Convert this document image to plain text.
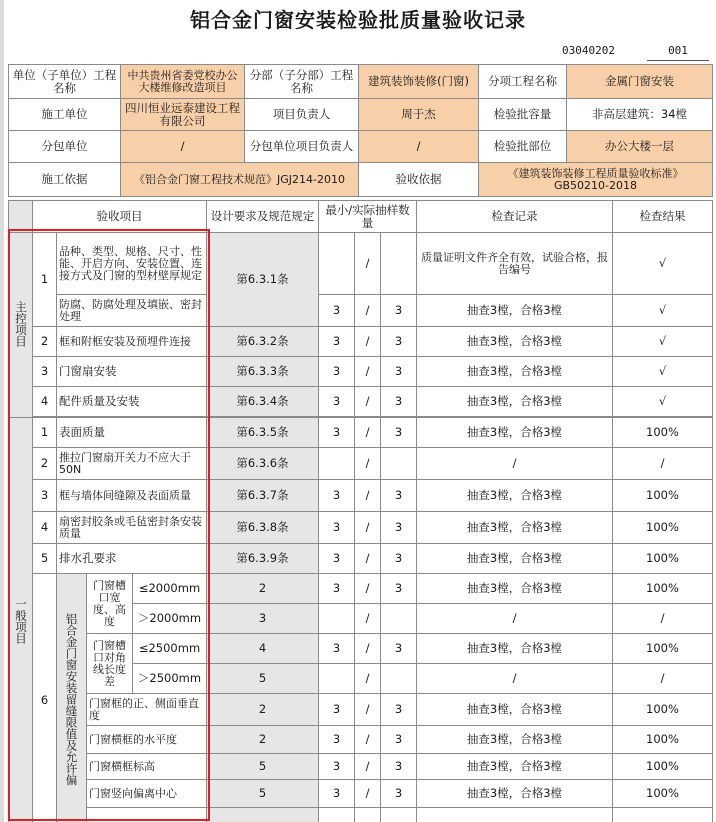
铝合金门窗安装检验批质量验收记录
03040202	001
单位（子单位）工程名称	中共贵州省委党校办公大楼维修改造项目	分部（子分部）工程名称	建筑装饰装修(门窗)	分项工程名称	金属门窗安装
施工单位	四川恒业远泰建设工程有限公司	项目负责人	周于杰	检验批容量	非高层建筑：34樘
分包单位	/	分包单位项目负责人	/	检验批部位	办公大楼一层
施工依据	《铝合金门窗工程技术规范》JGJ214-2010		验收依据	《建筑装饰装修工程质量验收标准》GB50210-2018	
	验收项目				设计要求及规范规定	最小/实际抽样数量			检查记录	检查结果
主控项目	1	品种、类型、规格、尺寸、性能、开启方向、安装位置、连接方式及门窗的型材壁厚规定			第6.3.1条		/		质量证明文件齐全有效，试验合格，报告编号	√
		防腐、防腐处理及填嵌、密封处理				3	/	3	抽查3樘，合格3樘	√
	2	框和附框安装及预埋件连接			第6.3.2条	3	/	3	抽查3樘，合格3樘	√
	3	门窗扇安装			第6.3.3条	3	/	3	抽查3樘，合格3樘	√
	4	配件质量及安装			第6.3.4条	3	/	3	抽查3樘，合格3樘	√

一般项目	1	表面质量			第6.3.5条	3	/	3	抽查3樘，合格3樘	100%
	2	推拉门窗扇开关力不应大于50N			第6.3.6条		/		/	/
	3	框与墙体间缝隙及表面质量			第6.3.7条	3	/	3	抽查3樘，合格3樘	100%
	4	扇密封胶条或毛毡密封条安装质量			第6.3.8条	3	/	3	抽查3樘，合格3樘	100%
	5	排水孔要求			第6.3.9条	3	/	3	抽查3樘，合格3樘	100%
	6	铝合金门窗安装留缝限值及允许偏	门窗槽口宽度、高度	≤2000mm	2	3	/	3	抽查3樘，合格3樘	100%
				＞2000mm	3		/		/	/
			门窗槽口对角线长度差	≤2500mm	4	3	/	3	抽查3樘，合格3樘	100%
				＞2500mm	5		/		/	/
			门窗框的正、侧面垂直度		2	3	/	3	抽查3樘，合格3樘	100%
			门窗横框的水平度		2	3	/	3	抽查3樘，合格3樘	100%
			门窗横框标高		5	3	/	3	抽查3樘，合格3樘	100%
			门窗竖向偏离中心		5	3	/	3	抽查3樘，合格3樘	100%
